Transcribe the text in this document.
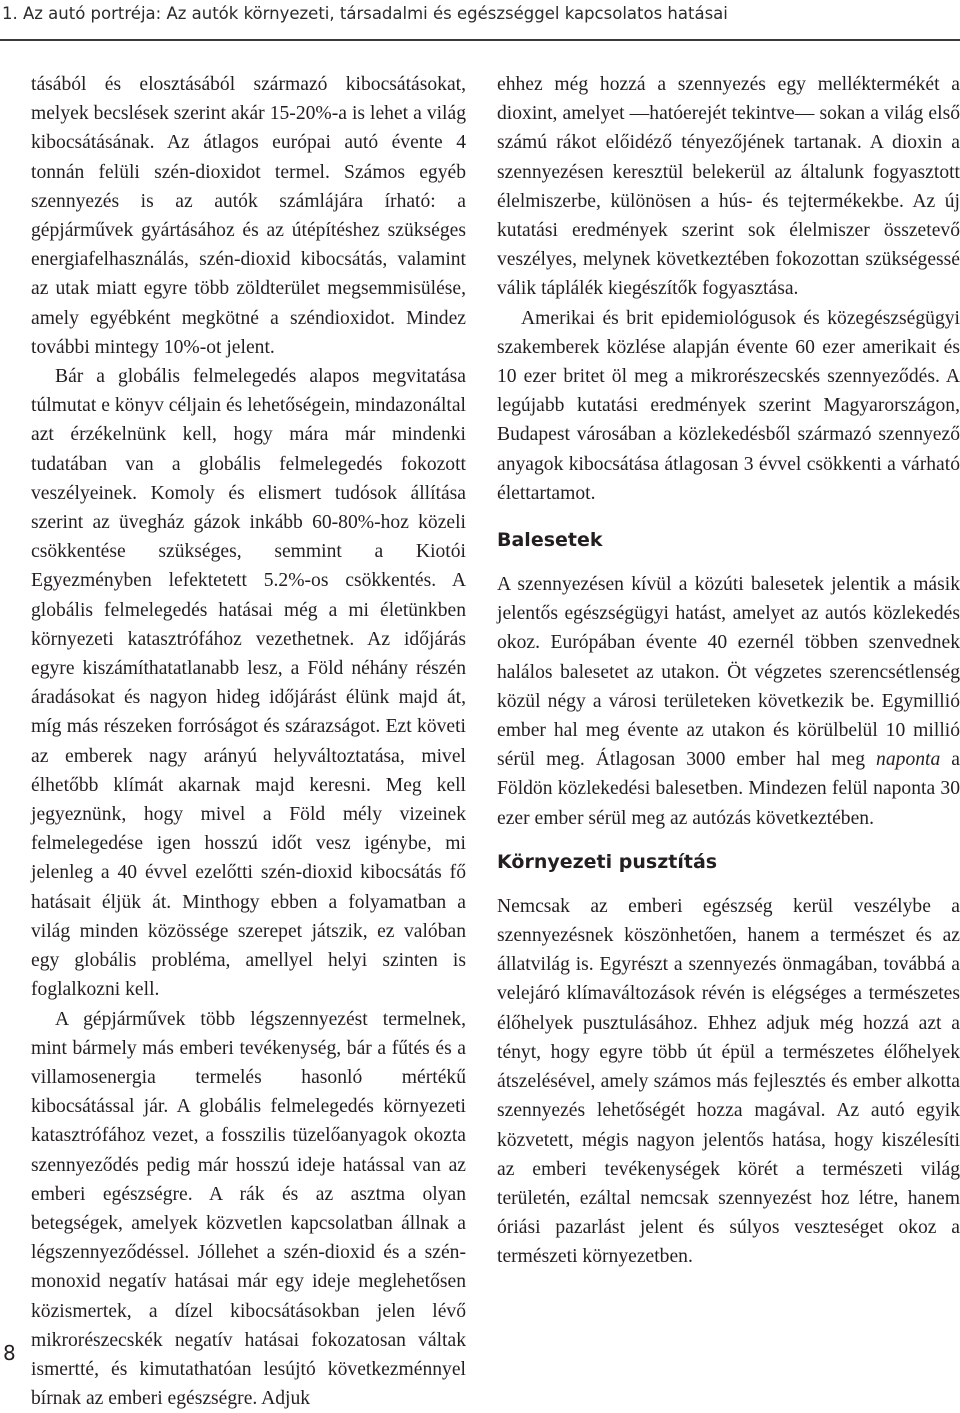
1. Az autó portréja: Az autók környezeti, társadalmi és egészséggel kapcsolatos hatásai

tásából és elosztásából származó kibocsátásokat, melyek becslések szerint akár 15-20%-a is lehet a világ kibocsátásának. Az átlagos európai autó évente 4 tonnán felüli szén-dioxidot termel. Számos egyéb szennyezés is az autók számlájára írható: a gépjárművek gyártásához és az útépítéshez szükséges energiafelhasználás, szén-dioxid kibocsátás, valamint az utak miatt egyre több zöldterület megsemmisülése, amely egyébként megkötné a széndioxidot. Mindez további mintegy 10%-ot jelent.

Bár a globális felmelegedés alapos megvitatása túlmutat e könyv céljain és lehetőségein, mindazonáltal azt érzékelnünk kell, hogy mára már mindenki tudatában van a globális felmelegedés fokozott veszélyeinek. Komoly és elismert tudósok állítása szerint az üvegház gázok inkább 60-80%-hoz közeli csökkentése szükséges, semmint a Kiotói Egyezményben lefektetett 5.2%-os csökkentés. A globális felmelegedés hatásai még a mi életünkben környezeti katasztrófához vezethetnek. Az időjárás egyre kiszámíthatatlanabb lesz, a Föld néhány részén áradásokat és nagyon hideg időjárást élünk majd át, míg más részeken forróságot és szárazságot. Ezt követi az emberek nagy arányú helyváltoztatása, mivel élhetőbb klímát akarnak majd keresni. Meg kell jegyeznünk, hogy mivel a Föld mély vizeinek felmelegedése igen hosszú időt vesz igénybe, mi jelenleg a 40 évvel ezelőtti szén-dioxid kibocsátás fő hatásait éljük át. Minthogy ebben a folyamatban a világ minden közössége szerepet játszik, ez valóban egy globális probléma, amellyel helyi szinten is foglalkozni kell.

A gépjárművek több légszennyezést termelnek, mint bármely más emberi tevékenység, bár a fűtés és a villamosenergia termelés hasonló mértékű kibocsátással jár. A globális felmelegedés környezeti katasztrófához vezet, a fosszilis tüzelőanyagok okozta szennyeződés pedig már hosszú ideje hatással van az emberi egészségre. A rák és az asztma olyan betegségek, amelyek közvetlen kapcsolatban állnak a légszennyeződéssel. Jóllehet a szén-dioxid és a szén-monoxid negatív hatásai már egy ideje meglehetősen közismertek, a dízel kibocsátásokban jelen lévő mikrorészecskék negatív hatásai fokozatosan váltak ismertté, és kimutathatóan lesújtó következménnyel bírnak az emberi egészségre. Adjuk

ehhez még hozzá a szennyezés egy melléktermékét a dioxint, amelyet —hatóerejét tekintve— sokan a világ első számú rákot előidéző tényezőjének tartanak. A dioxin a szennyezésen keresztül belekerül az általunk fogyasztott élelmiszerbe, különösen a hús- és tejtermékekbe. Az új kutatási eredmények szerint sok élelmiszer összetevő veszélyes, melynek következtében fokozottan szükségessé válik táplálék kiegészítők fogyasztása.

Amerikai és brit epidemiológusok és közegészségügyi szakemberek közlése alapján évente 60 ezer amerikait és 10 ezer britet öl meg a mikrorészecskés szennyeződés. A legújabb kutatási eredmények szerint Magyarországon, Budapest városában a közlekedésből származó szennyező anyagok kibocsátása átlagosan 3 évvel csökkenti a várható élettartamot.

Balesetek

A szennyezésen kívül a közúti balesetek jelentik a másik jelentős egészségügyi hatást, amelyet az autós közlekedés okoz. Európában évente 40 ezernél többen szenvednek halálos balesetet az utakon. Öt végzetes szerencsétlenség közül négy a városi területeken következik be. Egymillió ember hal meg évente az utakon és körülbelül 10 millió sérül meg. Átlagosan 3000 ember hal meg naponta a Földön közlekedési balesetben. Mindezen felül naponta 30 ezer ember sérül meg az autózás következtében.

Környezeti pusztítás

Nemcsak az emberi egészség kerül veszélybe a szennyezésnek köszönhetően, hanem a természet és az állatvilág is. Egyrészt a szennyezés önmagában, továbbá a velejáró klímaváltozások révén is elégséges a természetes élőhelyek pusztulásához. Ehhez adjuk még hozzá azt a tényt, hogy egyre több út épül a természetes élőhelyek átszelésével, amely számos más fejlesztés és ember alkotta szennyezés lehetőségét hozza magával. Az autó egyik közvetett, mégis nagyon jelentős hatása, hogy kiszélesíti az emberi tevékenységek körét a természeti világ területén, ezáltal nemcsak szennyezést hoz létre, hanem óriási pazarlást jelent és súlyos veszteséget okoz a természeti környezetben.

8
